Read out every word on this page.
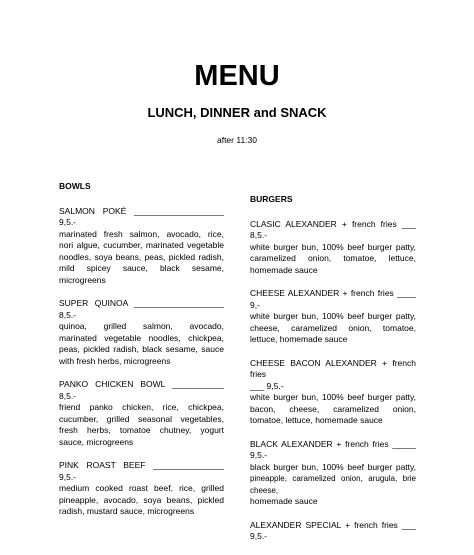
MENU
LUNCH, DINNER and SNACK
after 11:30
BOWLS
SALMON POKÉ ___________________ 9,5.-
marinated fresh salmon, avocado, rice,
nori algue, cucumber, marinated vegetable
noodles, soya beans, peas, pickled radish,
mild spicey sauce, black sesame,
microgreens
SUPER QUINOA ___________________ 8,5.-
quinoa, grilled salmon, avocado,
marinated vegetable noodles, chickpea,
peas, pickled radish, black sesame, sauce
with fresh herbs, microgreens
PANKO CHICKEN BOWL ___________ 8,5.-
friend panko chicken, rice, chickpea,
cucumber, grilled seasonal vegetables,
fresh herbs, tomatoe chutney, yogurt
sauce, microgreens
PINK ROAST BEEF _______________ 9,5.-
medium cooked roast beef, rice, grilled
pineapple, avocado, soya beans, pickled
radish, mustard sauce, microgreens
BURGERS
CLASIC ALEXANDER + french fries ___ 8,5.-
white burger bun, 100% beef burger patty,
caramelized onion, tomatoe, lettuce,
homemade sauce
CHEESE ALEXANDER + french fries ____ 9,-
white burger bun, 100% beef burger patty,
cheese, caramelized onion, tomatoe,
lettuce, homemade sauce
CHEESE BACON ALEXANDER + french fries
___ 9,5.-
white burger bun, 100% beef burger patty,
bacon, cheese, caramelized onion,
tomatoe, lettuce, homemade sauce
BLACK ALEXANDER + french fries _____ 9,5.-
black burger bun, 100% beef burger patty,
pineapple, caramelized onion, arugula, brie cheese,
homemade sauce
ALEXANDER SPECIAL + french fries ___ 9,5.-
